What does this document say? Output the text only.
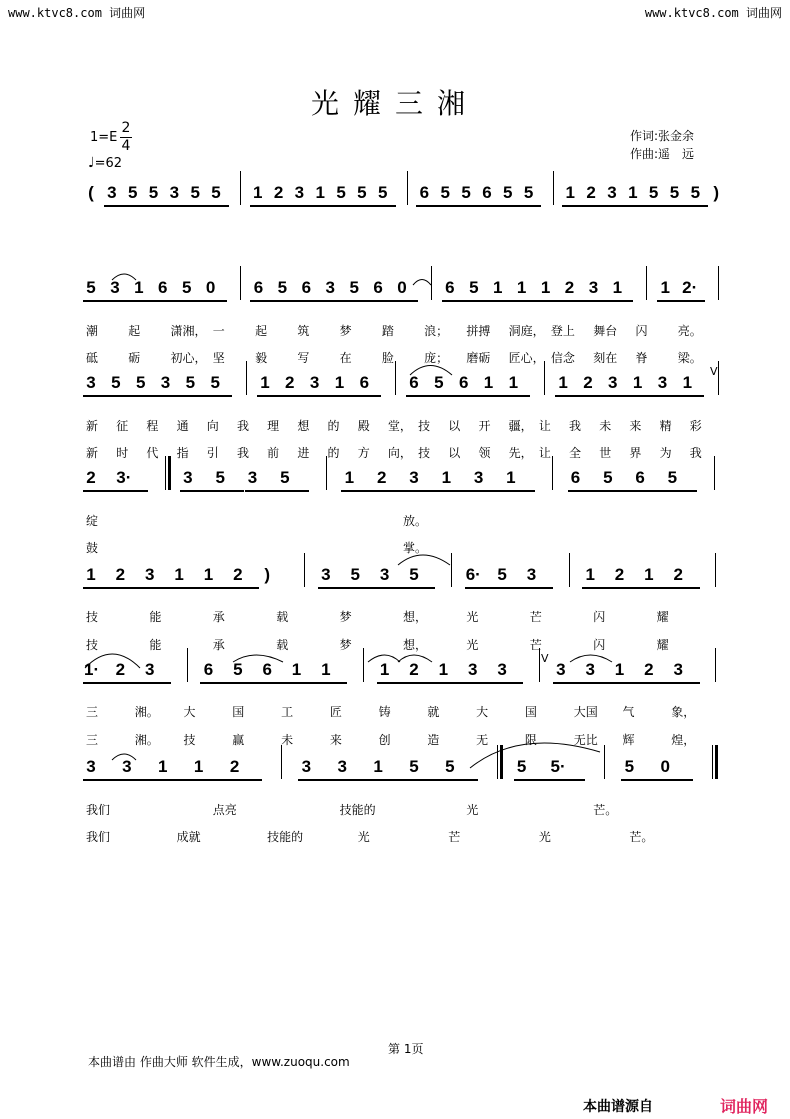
www.ktvc8.com 词曲网	www.ktvc8.com 词曲网
光耀三湘
1=E
2
4
♩=62
作词:张金余
作曲:遥　远
( 3 5 5 3 5 5 1 2 3 1 5 5 5 6 5 5 6 5 5 1 2 3 1 5 5 5 )
5 3 1 6 5 0 6 5 6 3 5 6 0 6 5 1 1 1 2 3 1 1 2·
3 5 5 3 5 5 1 2 3 1 6 6 5 6 1 1 1 2 3 1 3 1
2 3·	3 5 3 5	1 2 3 1 3 1	6 5 6 5
1 2 3 1 1 2 )	3 5 3 5	6· 5 3	1 2 1 2
1· 2 3	6 5 6 1 1	1 2 1 3 3	3 3 1 2 3
3 3 1 1 2	3 3 1 5 5	5 5·	5 0
V
V
第 1页
本曲谱由 作曲大师 软件生成，www.zuoqu.com
本曲谱源自	词曲网
潮	起	潇湘， 一	起	筑	梦	踏	浪； 拼搏 洞庭， 登上 舞台 闪	亮。
砥	砺	初心， 坚	毅	写	在	脸	庞； 磨砺 匠心， 信念 刻在 脊	梁。
新 征 程 通 向 我 理 想 的 殿 堂， 技 以 开 疆， 让 我 未 来 精 彩
新 时 代 指 引 我 前 进 的 方 向， 技 以 领 先， 让 全 世 界 为 我
绽	放。
鼓	掌。
技	能	承	载	梦	想，	光	芒	闪	耀
技	能	承	载	梦	想，	光	芒	闪	耀
三	湘。 大	国	工	匠	铸	就	大	国	大国 气	象，
三	湘。 技	赢	未	来	创	造	无	限	无比 辉	煌，
我们	点亮	技能的	光	芒。
我们	成就	技能的	光	芒	光	芒。
